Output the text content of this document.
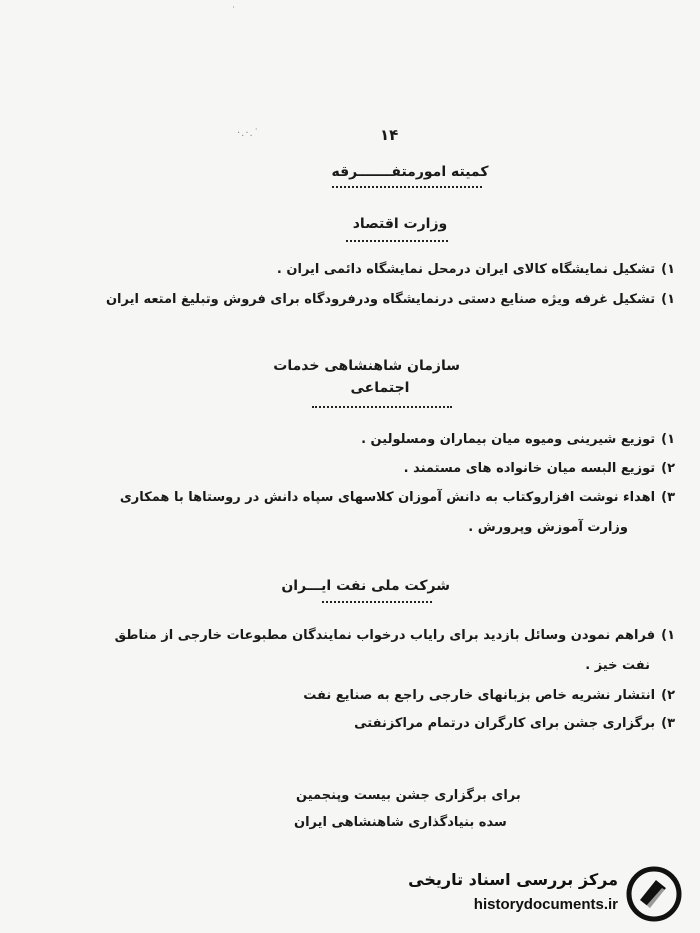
·.·.˙
˙
۱۴
کمیته امورمتفـــــــرقه
وزارت اقتصاد
۱)تشکیل نمایشگاه کالای ایران درمحل نمایشگاه دائمی ایران .
۱)تشکیل غرفه ویژه صنایع دستی درنمایشگاه ودرفرودگاه برای فروش وتبلیغ امتعه ایران
سازمان شاهنشاهی خدمات
اجتماعی
۱)توزیع شیرینی ومیوه میان بیماران ومسلولین .
۲)توزیع البسه میان خانواده های مستمند .
۳)اهداء نوشت افزاروکتاب به دانش آموزان کلاسهای سپاه دانش در روستاها با همکاری
وزارت آموزش وپرورش .
شرکت ملی نفت ایـــران
۱)فراهم نمودن وسائل بازدید برای رایاب درخواب نمایندگان مطبوعات خارجی از مناطق
نفت خیز .
۲)انتشار نشریه خاص بزبانهای خارجی راجع به صنایع نفت
۳)برگزاری جشن برای کارگران درتمام مراکزنفتی
برای برگزاری جشن بیست وپنجمین
سده بنیادگذاری شاهنشاهی ایران
مرکز بررسی اسناد تاریخی
historydocuments.ir
